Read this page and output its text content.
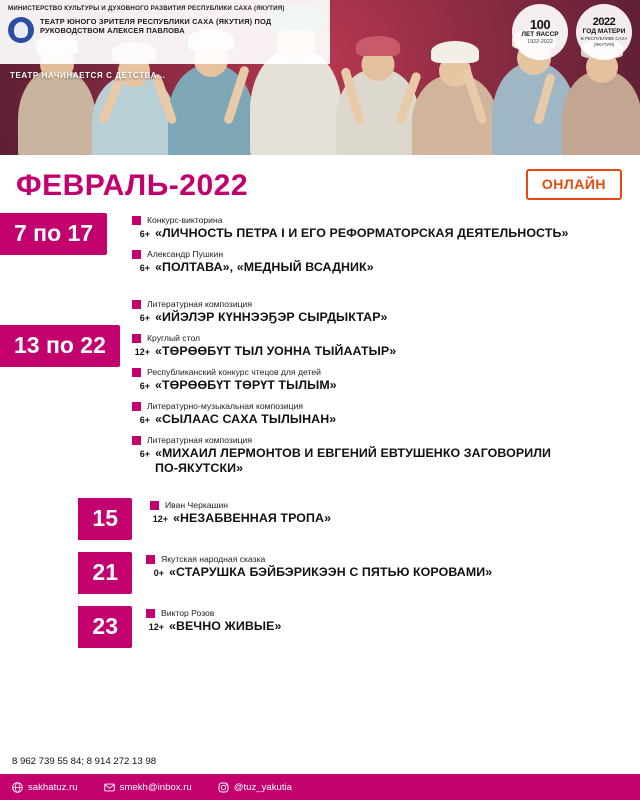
МИНИСТЕРСТВО КУЛЬТУРЫ И ДУХОВНОГО РАЗВИТИЯ РЕСПУБЛИКИ САХА (ЯКУТИЯ)
ТЕАТР ЮНОГО ЗРИТЕЛЯ РЕСПУБЛИКИ САХА (ЯКУТИЯ) ПОД РУКОВОДСТВОМ АЛЕКСЕЯ ПАВЛОВА
ТЕАТР НАЧИНАЕТСЯ С ДЕТСТВА...
100
ЛЕТ ЯАССР
1922-2022
2022
ГОД МАТЕРИ
В РЕСПУБЛИКЕ САХА (ЯКУТИЯ)
ФЕВРАЛЬ-2022	ОНЛАЙН
7 по 17	Конкурс-викторина
6+ «ЛИЧНОСТЬ ПЕТРА I И ЕГО РЕФОРМАТОРСКАЯ ДЕЯТЕЛЬНОСТЬ»
Александр Пушкин
6+ «ПОЛТАВА», «МЕДНЫЙ ВСАДНИК»
13 по 22
Литературная композиция
6+ «ИЙЭЛЭР КҮННЭЭҔЭР СЫРДЫКТАР»
Круглый стол
12+ «ТӨРӨӨБҮТ ТЫЛ УОННА ТЫЙААТЫР»
Республиканский конкурс чтецов для детей
6+ «ТӨРӨӨБҮТ ТӨРҮТ ТЫЛЫМ»
Литературно-музыкальная композиция
6+ «СЫЛААС САХА ТЫЛЫНАН»
Литературная композиция
6+ «МИХАИЛ ЛЕРМОНТОВ И ЕВГЕНИЙ ЕВТУШЕНКО ЗАГОВОРИЛИ ПО-ЯКУТСКИ»
15	Иван Черкашин
12+ «НЕЗАБВЕННАЯ ТРОПА»
21	Якутская народная сказка
0+ «СТАРУШКА БЭЙБЭРИКЭЭН С ПЯТЬЮ КОРОВАМИ»
23	Виктор Розов
12+ «ВЕЧНО ЖИВЫЕ»
8 962 739 55 84; 8 914 272 13 98
sakhatuz.ru	smekh@inbox.ru	@tuz_yakutia
